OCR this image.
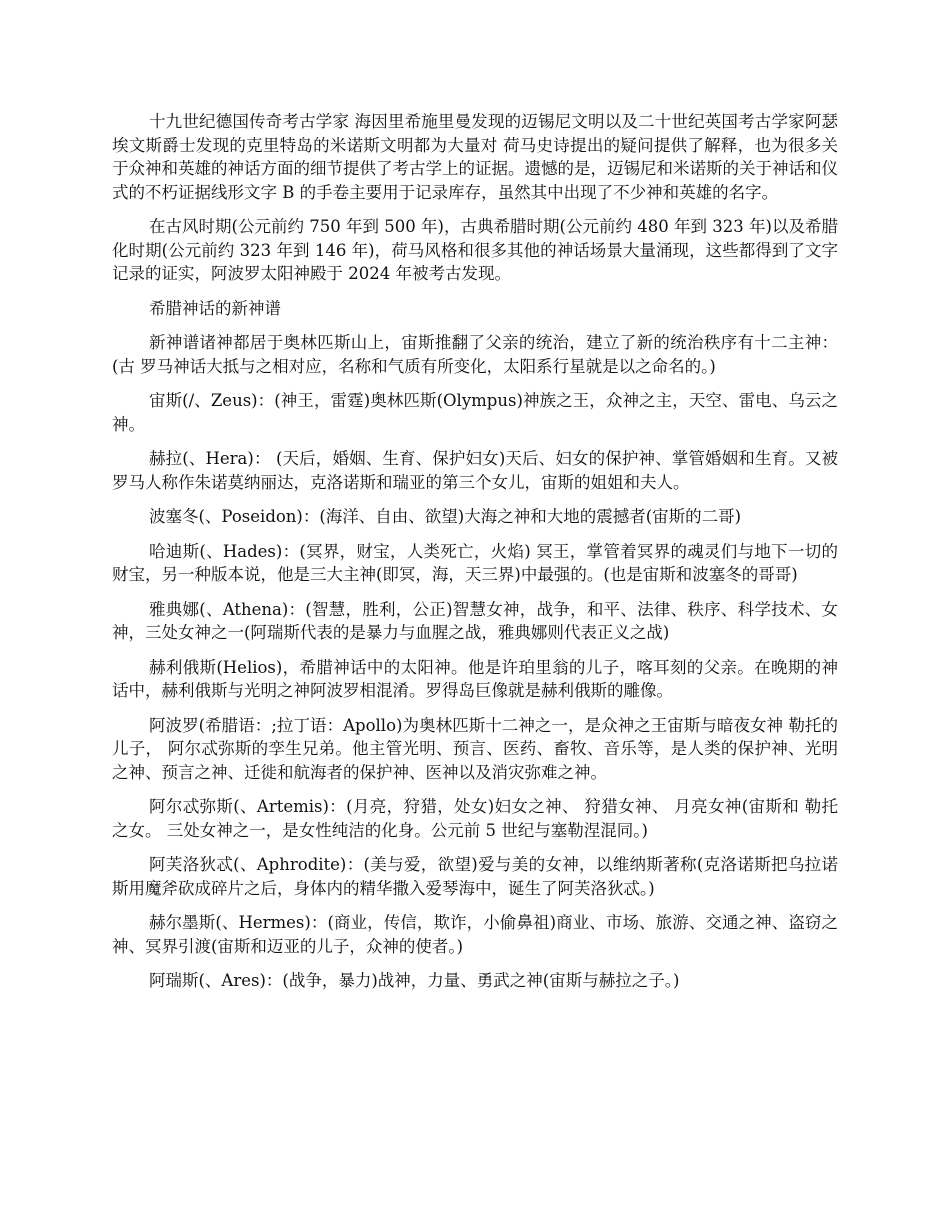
十九世纪德国传奇考古学家 海因里希施里曼发现的迈锡尼文明以及二十世纪英国考古学家阿瑟埃文斯爵士发现的克里特岛的米诺斯文明都为大量对 荷马史诗提出的疑问提供了解释，也为很多关于众神和英雄的神话方面的细节提供了考古学上的证据。遗憾的是，迈锡尼和米诺斯的关于神话和仪式的不朽证据线形文字 B 的手卷主要用于记录库存，虽然其中出现了不少神和英雄的名字。

在古风时期(公元前约 750 年到 500 年)，古典希腊时期(公元前约 480 年到 323 年)以及希腊化时期(公元前约 323 年到 146 年)，荷马风格和很多其他的神话场景大量涌现，这些都得到了文字记录的证实，阿波罗太阳神殿于 2024 年被考古发现。

希腊神话的新神谱

新神谱诸神都居于奥林匹斯山上，宙斯推翻了父亲的统治，建立了新的统治秩序有十二主神：(古 罗马神话大抵与之相对应，名称和气质有所变化，太阳系行星就是以之命名的。)

宙斯(/、Zeus)：(神王，雷霆)奥林匹斯(Olympus)神族之王，众神之主，天空、雷电、乌云之神。

赫拉(、Hera)： (天后，婚姻、生育、保护妇女)天后、妇女的保护神、掌管婚姻和生育。又被罗马人称作朱诺莫纳丽达，克洛诺斯和瑞亚的第三个女儿，宙斯的姐姐和夫人。

波塞冬(、Poseidon)：(海洋、自由、欲望)大海之神和大地的震撼者(宙斯的二哥)

哈迪斯(、Hades)：(冥界，财宝，人类死亡，火焰) 冥王，掌管着冥界的魂灵们与地下一切的财宝，另一种版本说，他是三大主神(即冥，海，天三界)中最强的。(也是宙斯和波塞冬的哥哥)

雅典娜(、Athena)：(智慧，胜利，公正)智慧女神，战争，和平、法律、秩序、科学技术、女神，三处女神之一(阿瑞斯代表的是暴力与血腥之战，雅典娜则代表正义之战)

赫利俄斯(Helios)，希腊神话中的太阳神。他是许珀里翁的儿子，喀耳刻的父亲。在晚期的神话中，赫利俄斯与光明之神阿波罗相混淆。罗得岛巨像就是赫利俄斯的雕像。

阿波罗(希腊语：;拉丁语：Apollo)为奥林匹斯十二神之一，是众神之王宙斯与暗夜女神 勒托的儿子， 阿尔忒弥斯的孪生兄弟。他主管光明、预言、医药、畜牧、音乐等，是人类的保护神、光明之神、预言之神、迁徙和航海者的保护神、医神以及消灾弥难之神。

阿尔忒弥斯(、Artemis)：(月亮，狩猎，处女)妇女之神、 狩猎女神、 月亮女神(宙斯和 勒托之女。 三处女神之一，是女性纯洁的化身。公元前 5 世纪与塞勒涅混同。)

阿芙洛狄忒(、Aphrodite)：(美与爱，欲望)爱与美的女神，以维纳斯著称(克洛诺斯把乌拉诺斯用魔斧砍成碎片之后，身体内的精华撒入爱琴海中，诞生了阿芙洛狄忒。)

赫尔墨斯(、Hermes)：(商业，传信，欺诈，小偷鼻祖)商业、市场、旅游、交通之神、盗窃之神、冥界引渡(宙斯和迈亚的儿子，众神的使者。)

阿瑞斯(、Ares)：(战争，暴力)战神，力量、勇武之神(宙斯与赫拉之子。)
